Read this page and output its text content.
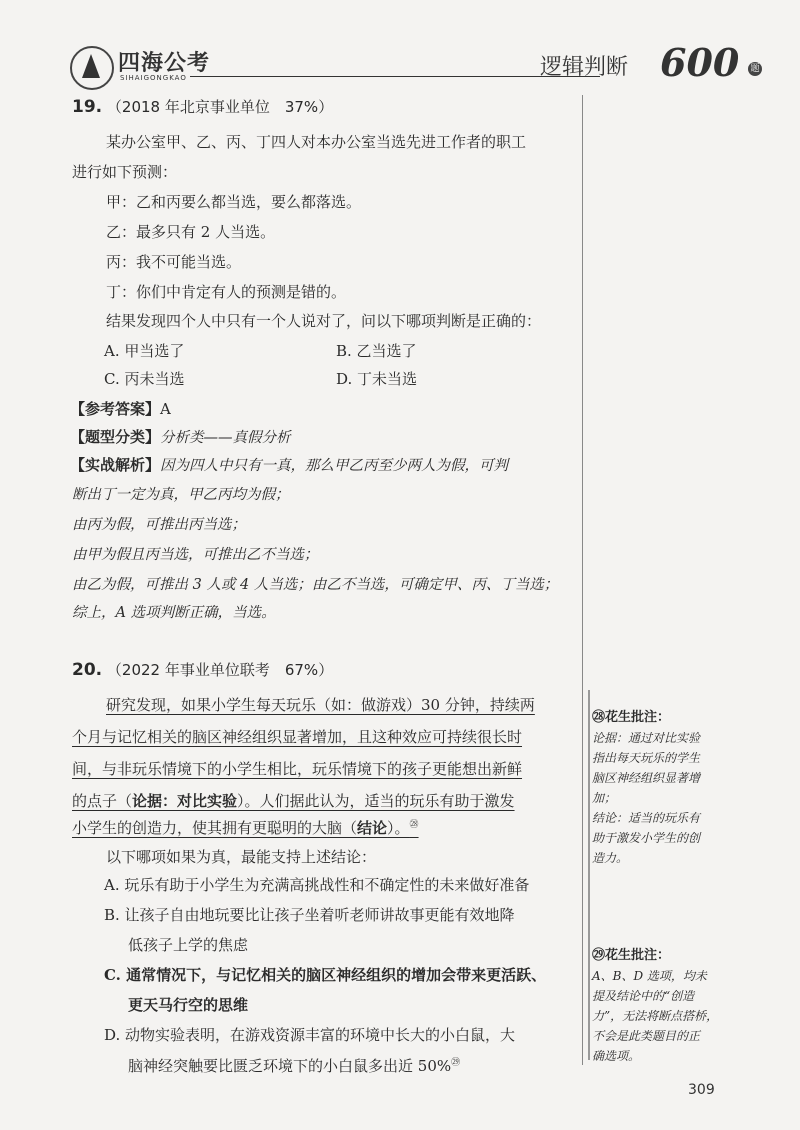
四海公考
SIHAIGONGKAO	逻辑判断 600 题
19. （2018 年北京事业单位　37%）
某办公室甲、乙、丙、丁四人对本办公室当选先进工作者的职工
进行如下预测：
甲：乙和丙要么都当选，要么都落选。
乙：最多只有 2 人当选。
丙：我不可能当选。
丁：你们中肯定有人的预测是错的。
结果发现四个人中只有一个人说对了，问以下哪项判断是正确的：
A. 甲当选了	B. 乙当选了
C. 丙未当选	D. 丁未当选
【参考答案】A
【题型分类】分析类——真假分析
【实战解析】因为四人中只有一真，那么甲乙丙至少两人为假，可判
断出丁一定为真，甲乙丙均为假；
由丙为假，可推出丙当选；
由甲为假且丙当选，可推出乙不当选；
由乙为假，可推出 3 人或 4 人当选；由乙不当选，可确定甲、丙、丁当选；
综上，A 选项判断正确，当选。
20. （2022 年事业单位联考　67%）
研究发现，如果小学生每天玩乐（如：做游戏）30 分钟，持续两
个月与记忆相关的脑区神经组织显著增加，且这种效应可持续很长时
间，与非玩乐情境下的小学生相比，玩乐情境下的孩子更能想出新鲜
的点子（论据：对比实验）。人们据此认为，适当的玩乐有助于激发
小学生的创造力，使其拥有更聪明的大脑（结论）。$^㉘$
以下哪项如果为真，最能支持上述结论：
A. 玩乐有助于小学生为充满高挑战性和不确定性的未来做好准备
B. 让孩子自由地玩要比让孩子坐着听老师讲故事更能有效地降
低孩子上学的焦虑
C. 通常情况下，与记忆相关的脑区神经组织的增加会带来更活跃、
更天马行空的思维
D. 动物实验表明，在游戏资源丰富的环境中长大的小白鼠，大
脑神经突触要比匮乏环境下的小白鼠多出近 50%$^㉙$
㉘花生批注：
论据：通过对比实验
指出每天玩乐的学生
脑区神经组织显著增
加；
结论：适当的玩乐有
助于激发小学生的创
造力。
㉙花生批注：
A、B、D 选项，均未
提及结论中的“创造
力”，无法将断点搭桥，
不会是此类题目的正
确选项。
309
